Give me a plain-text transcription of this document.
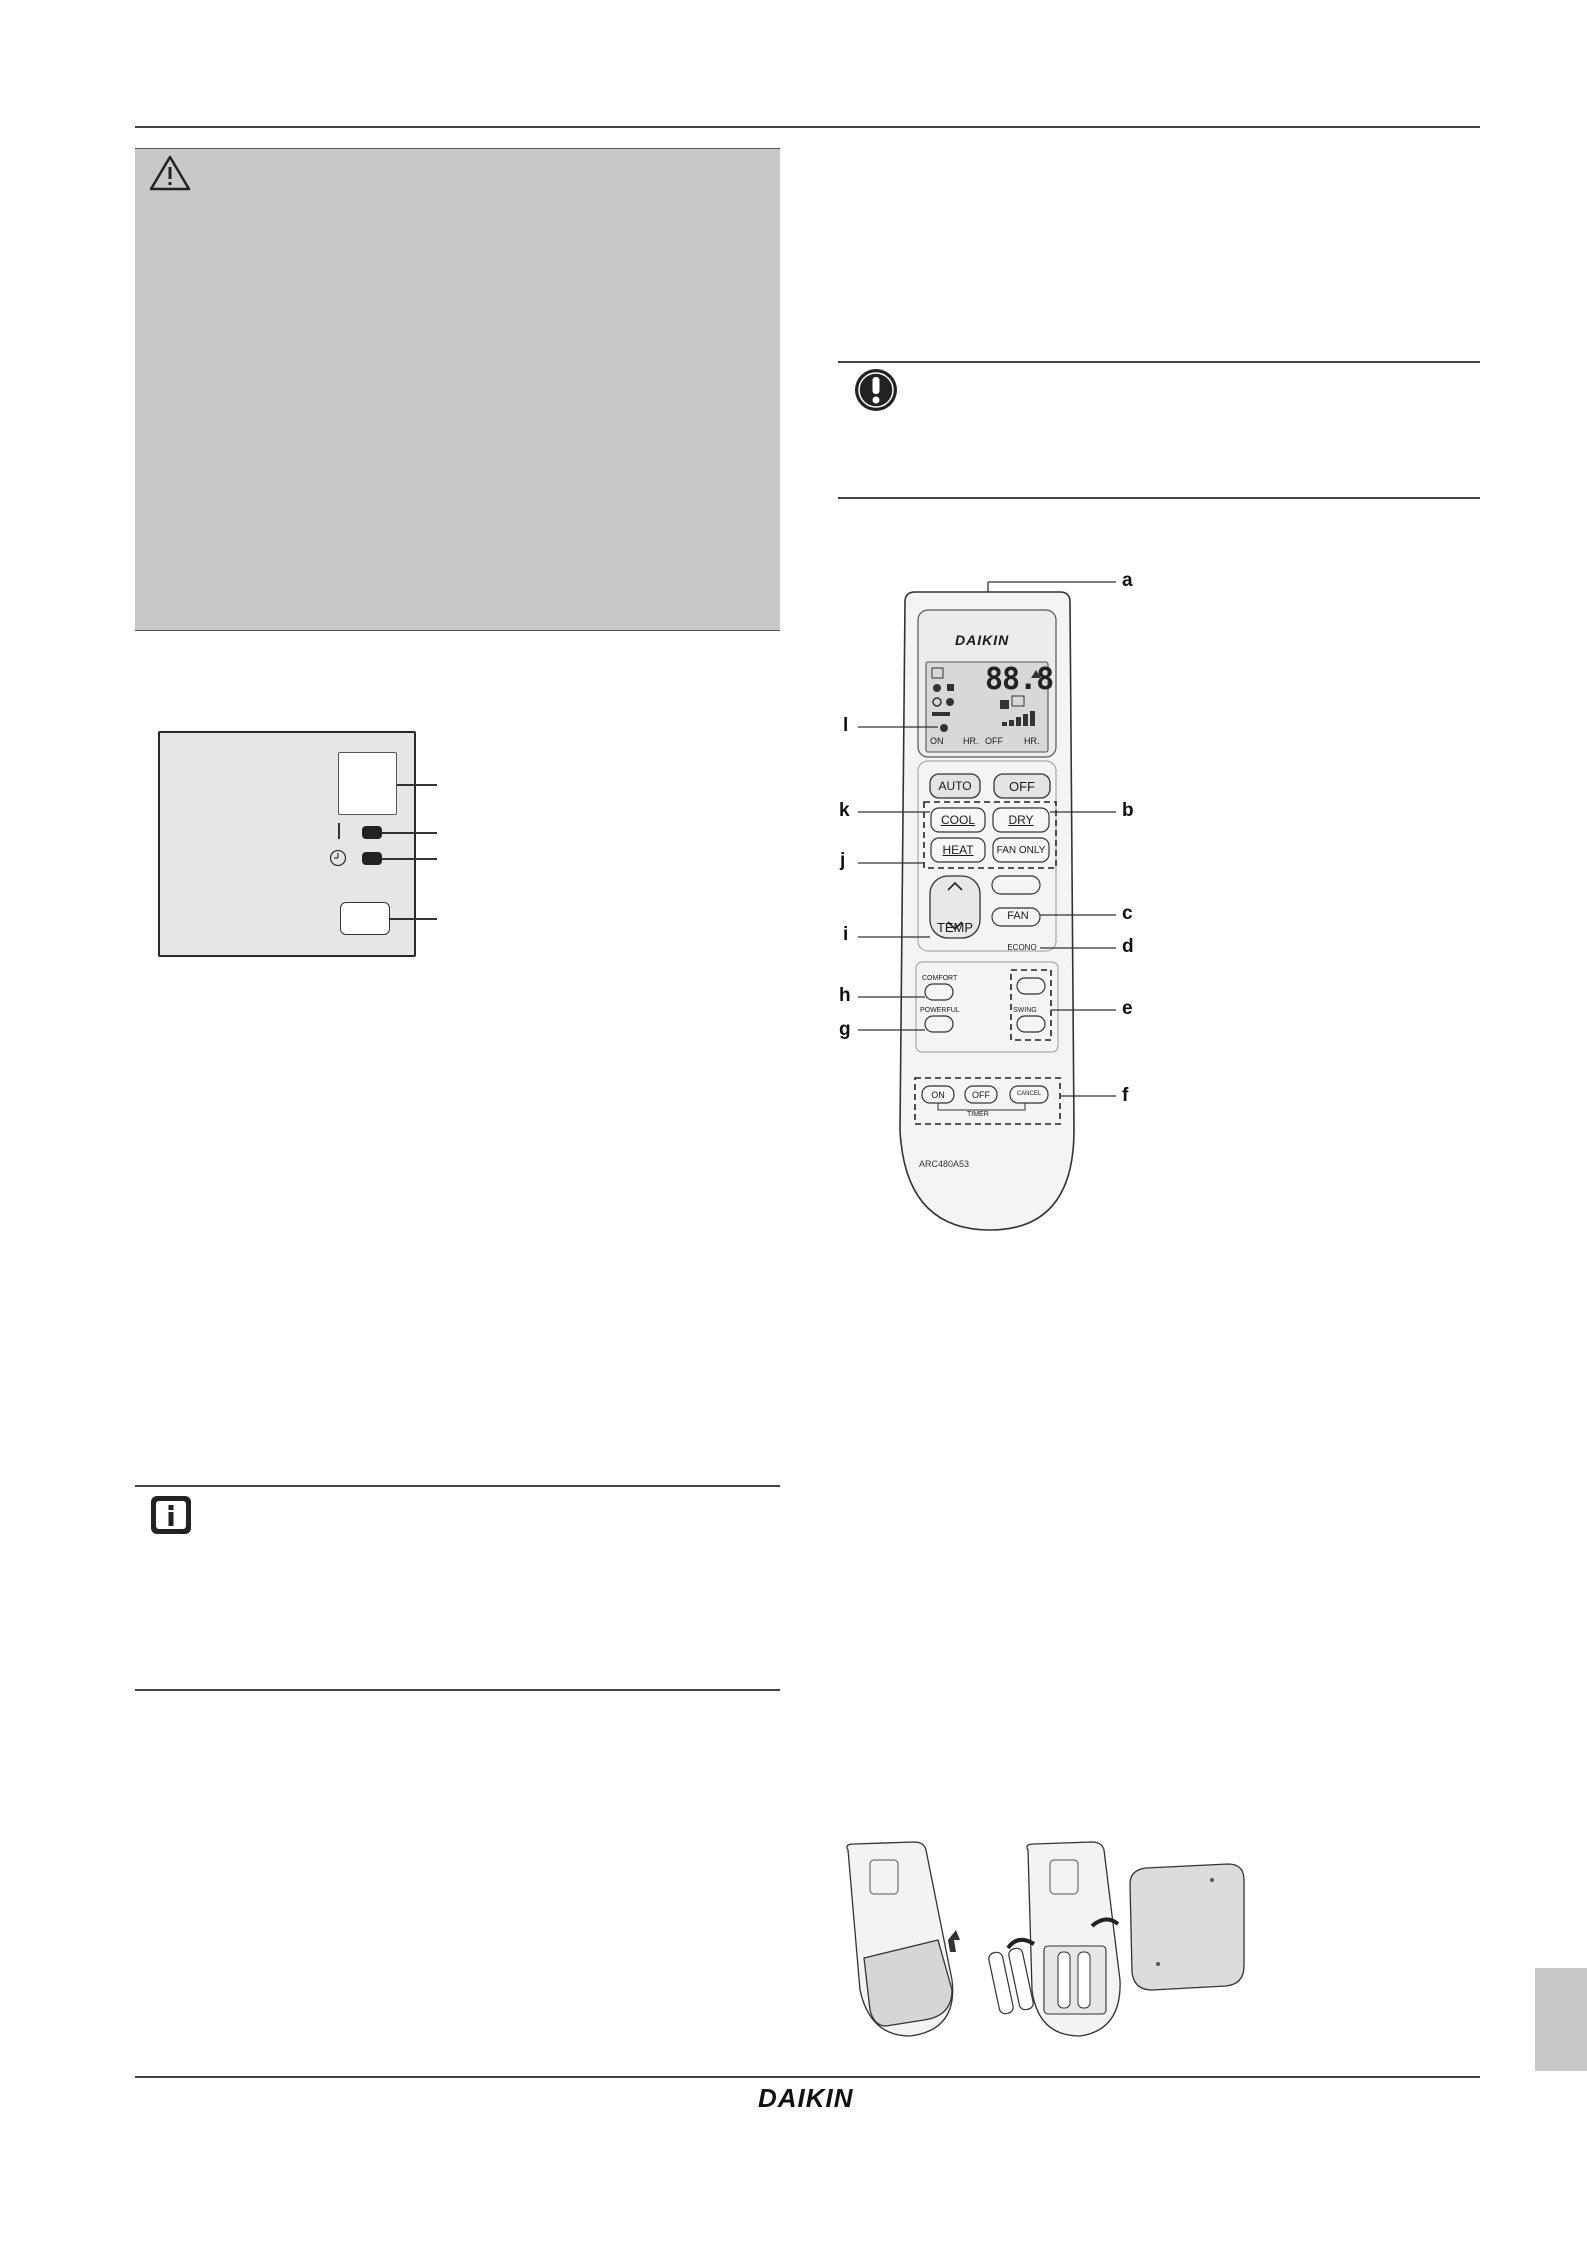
DAIKIN
88.8
ON HR. OFF HR.
AUTO	OFF
COOL	DRY
HEAT	FAN ONLY
TEMP
FAN
ECONO
COMFORT
POWERFUL	SWING
ON	OFF	CANCEL
TIMER
ARC480A53
a
b
c
d
e
f
g
h
i
j
k
l
DAIKIN
